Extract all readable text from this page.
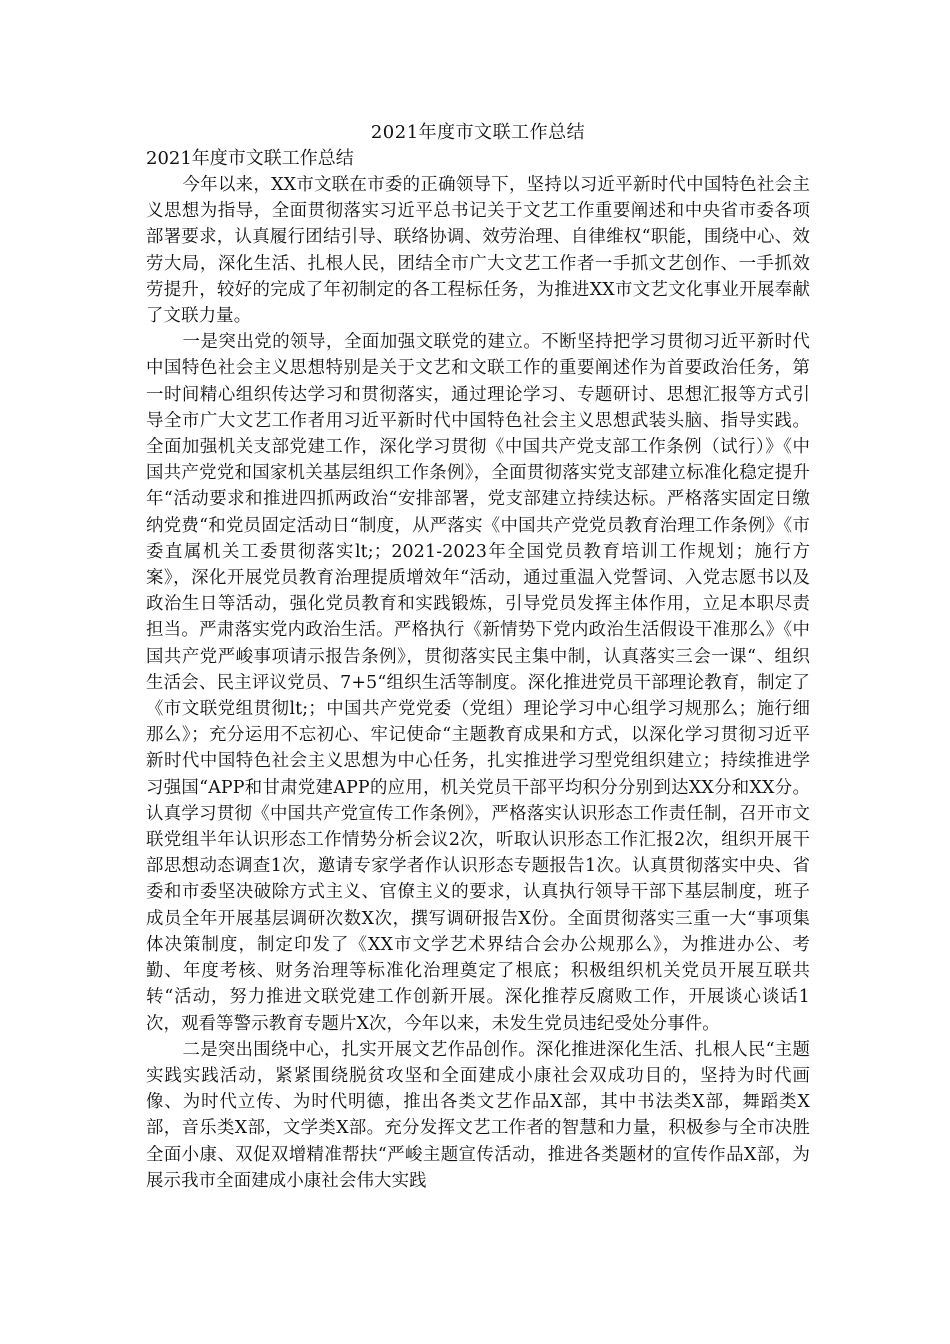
2021年度市文联工作总结
2021年度市文联工作总结

今年以来，XX市文联在市委的正确领导下，坚持以习近平新时代中国特色社会主义思想为指导，全面贯彻落实习近平总书记关于文艺工作重要阐述和中央省市委各项部署要求，认真履行团结引导、联络协调、效劳治理、自律维权“职能，围绕中心、效劳大局，深化生活、扎根人民，团结全市广大文艺工作者一手抓文艺创作、一手抓效劳提升，较好的完成了年初制定的各工程标任务，为推进XX市文艺文化事业开展奉献了文联力量。

一是突出党的领导，全面加强文联党的建立。不断坚持把学习贯彻习近平新时代中国特色社会主义思想特别是关于文艺和文联工作的重要阐述作为首要政治任务，第一时间精心组织传达学习和贯彻落实，通过理论学习、专题研讨、思想汇报等方式引导全市广大文艺工作者用习近平新时代中国特色社会主义思想武装头脑、指导实践。全面加强机关支部党建工作，深化学习贯彻《中国共产党支部工作条例（试行）》《中国共产党党和国家机关基层组织工作条例》，全面贯彻落实党支部建立标准化稳定提升年“活动要求和推进四抓两政治“安排部署，党支部建立持续达标。严格落实固定日缴纳党费“和党员固定活动日“制度，从严落实《中国共产党党员教育治理工作条例》《市委直属机关工委贯彻落实lt;；2021-2023年全国党员教育培训工作规划；施行方案》，深化开展党员教育治理提质增效年“活动，通过重温入党誓词、入党志愿书以及政治生日等活动，强化党员教育和实践锻炼，引导党员发挥主体作用，立足本职尽责担当。严肃落实党内政治生活。严格执行《新情势下党内政治生活假设干准那么》《中国共产党严峻事项请示报告条例》，贯彻落实民主集中制，认真落实三会一课“、组织生活会、民主评议党员、7+5“组织生活等制度。深化推进党员干部理论教育，制定了《市文联党组贯彻lt;；中国共产党党委（党组）理论学习中心组学习规那么；施行细那么》；充分运用不忘初心、牢记使命“主题教育成果和方式，以深化学习贯彻习近平新时代中国特色社会主义思想为中心任务，扎实推进学习型党组织建立；持续推进学习强国“APP和甘肃党建APP的应用，机关党员干部平均积分分别到达XX分和XX分。认真学习贯彻《中国共产党宣传工作条例》，严格落实认识形态工作责任制，召开市文联党组半年认识形态工作情势分析会议2次，听取认识形态工作汇报2次，组织开展干部思想动态调查1次，邀请专家学者作认识形态专题报告1次。认真贯彻落实中央、省委和市委坚决破除方式主义、官僚主义的要求，认真执行领导干部下基层制度，班子成员全年开展基层调研次数X次，撰写调研报告X份。全面贯彻落实三重一大“事项集体决策制度，制定印发了《XX市文学艺术界结合会办公规那么》，为推进办公、考勤、年度考核、财务治理等标准化治理奠定了根底；积极组织机关党员开展互联共转“活动，努力推进文联党建工作创新开展。深化推荐反腐败工作，开展谈心谈话1次，观看等警示教育专题片X次，今年以来，未发生党员违纪受处分事件。

二是突出围绕中心，扎实开展文艺作品创作。深化推进深化生活、扎根人民“主题实践实践活动，紧紧围绕脱贫攻坚和全面建成小康社会双成功目的，坚持为时代画像、为时代立传、为时代明德，推出各类文艺作品X部，其中书法类X部，舞蹈类X部，音乐类X部，文学类X部。充分发挥文艺工作者的智慧和力量，积极参与全市决胜全面小康、双促双增精准帮扶“严峻主题宣传活动，推进各类题材的宣传作品X部，为展示我市全面建成小康社会伟大实践
